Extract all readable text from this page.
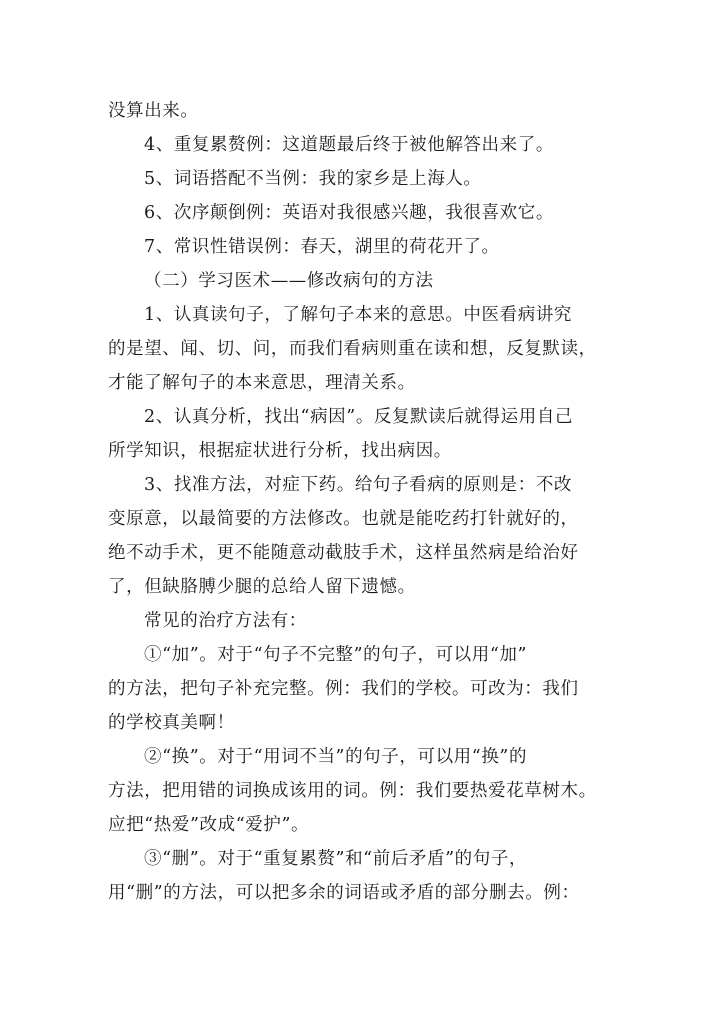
没算出来。
4、重复累赘例：这道题最后终于被他解答出来了。
5、词语搭配不当例：我的家乡是上海人。
6、次序颠倒例：英语对我很感兴趣，我很喜欢它。
7、常识性错误例：春天，湖里的荷花开了。
（二）学习医术——修改病句的方法
1、认真读句子，了解句子本来的意思。中医看病讲究
的是望、闻、切、问，而我们看病则重在读和想，反复默读，
才能了解句子的本来意思，理清关系。
2、认真分析，找出“病因”。反复默读后就得运用自己
所学知识，根据症状进行分析，找出病因。
3、找准方法，对症下药。给句子看病的原则是：不改
变原意，以最简要的方法修改。也就是能吃药打针就好的，
绝不动手术，更不能随意动截肢手术，这样虽然病是给治好
了，但缺胳膊少腿的总给人留下遗憾。
常见的治疗方法有：
①“加”。对于“句子不完整”的句子，可以用“加”
的方法，把句子补充完整。例：我们的学校。可改为：我们
的学校真美啊！
②“换”。对于“用词不当”的句子，可以用“换”的
方法，把用错的词换成该用的词。例：我们要热爱花草树木。
应把“热爱”改成“爱护”。
③“删”。对于“重复累赘”和“前后矛盾”的句子，
用“删”的方法，可以把多余的词语或矛盾的部分删去。例：
